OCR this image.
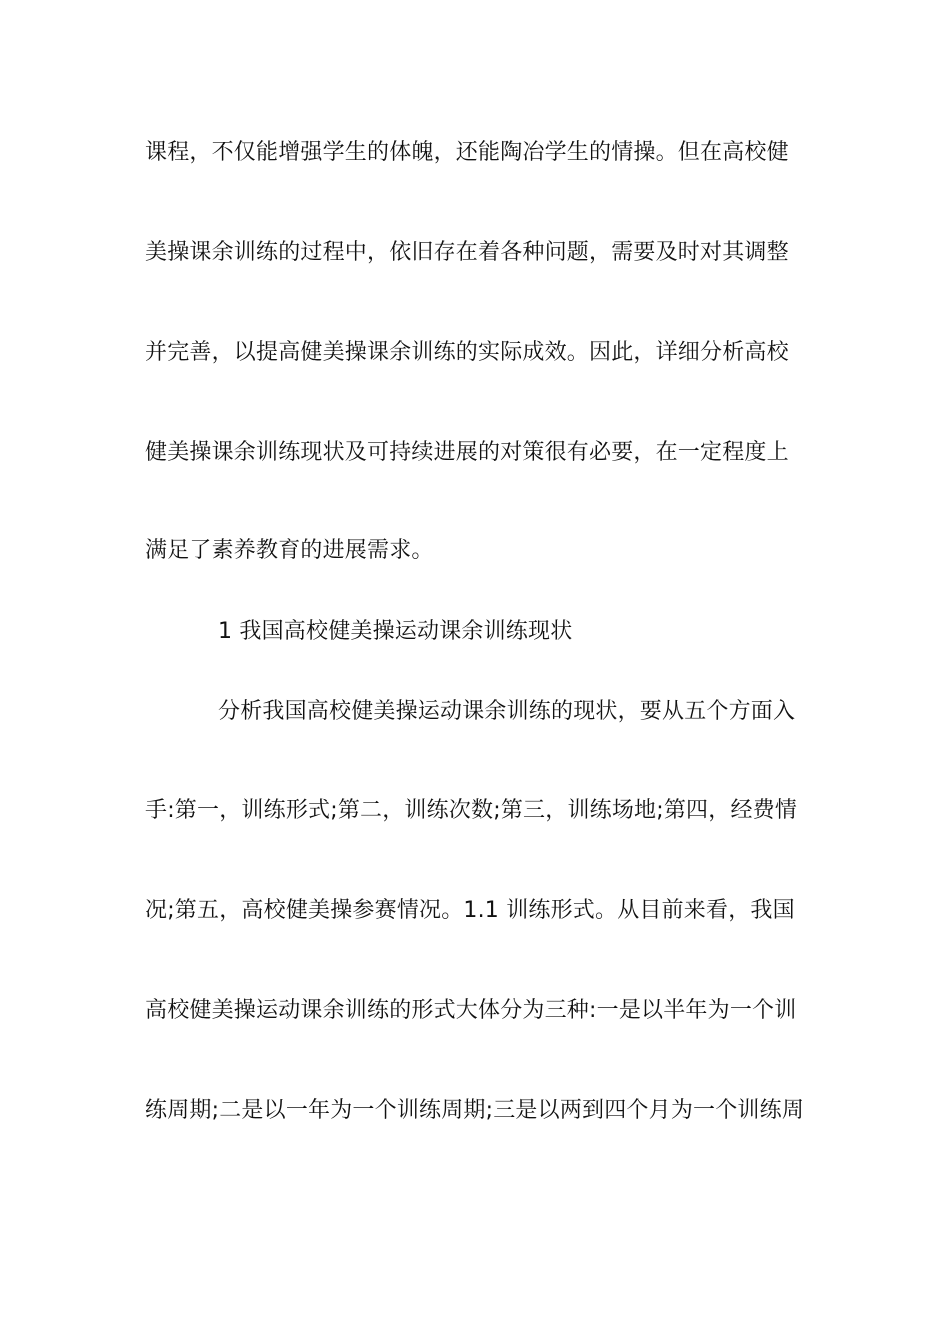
课程，不仅能增强学生的体魄，还能陶冶学生的情操。但在高校健
美操课余训练的过程中，依旧存在着各种问题，需要及时对其调整
并完善，以提高健美操课余训练的实际成效。因此，详细分析高校
健美操课余训练现状及可持续进展的对策很有必要，在一定程度上
满足了素养教育的进展需求。
1 我国高校健美操运动课余训练现状
分析我国高校健美操运动课余训练的现状，要从五个方面入
手:第一，训练形式;第二，训练次数;第三，训练场地;第四，经费情
况;第五，高校健美操参赛情况。1.1 训练形式。从目前来看，我国
高校健美操运动课余训练的形式大体分为三种:一是以半年为一个训
练周期;二是以一年为一个训练周期;三是以两到四个月为一个训练周
